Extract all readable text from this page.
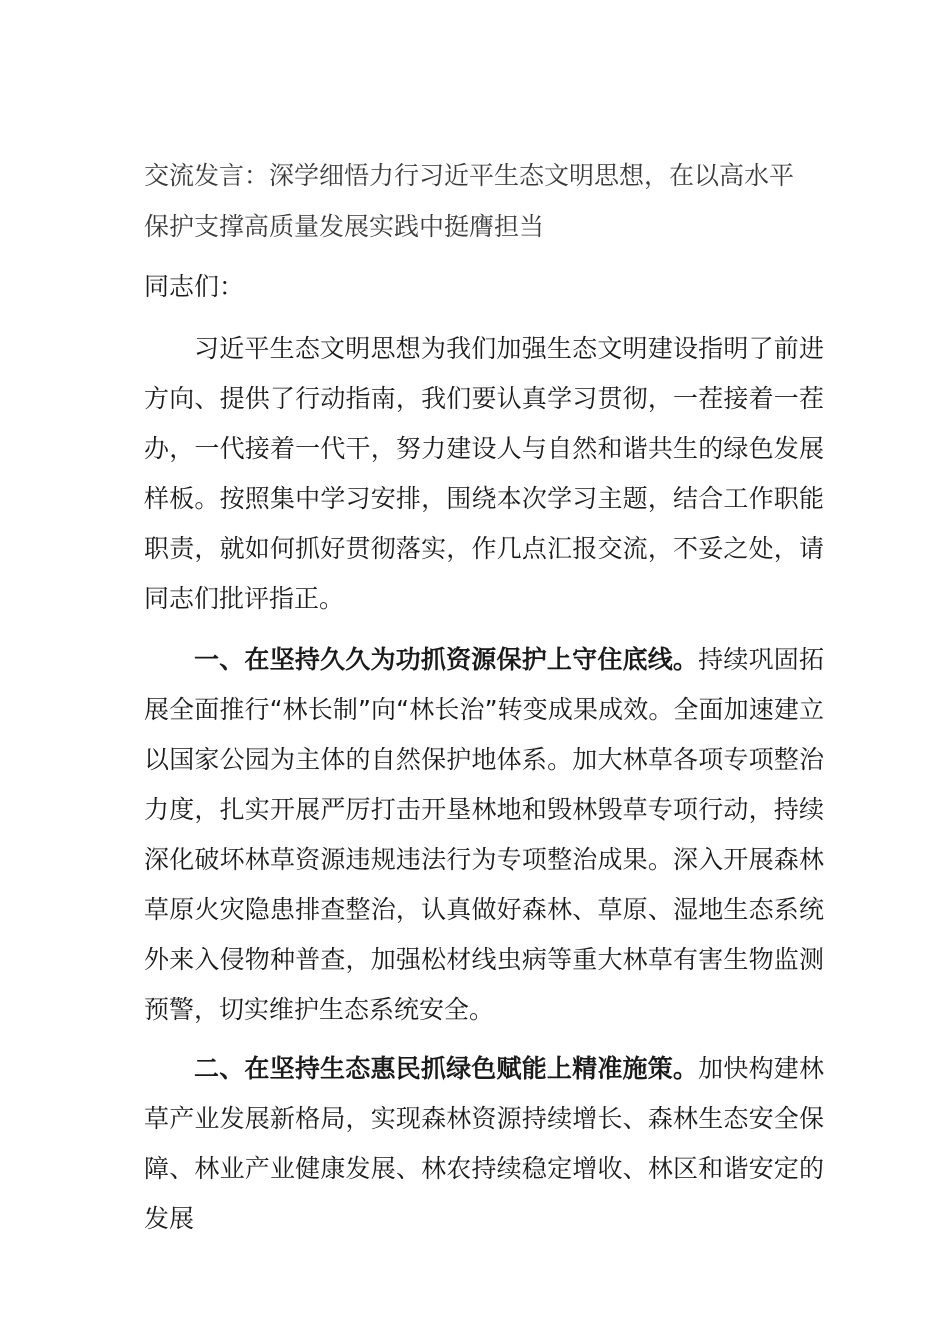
交流发言：深学细悟力行习近平生态文明思想，在以高水平保护支撑高质量发展实践中挺膺担当

同志们：

习近平生态文明思想为我们加强生态文明建设指明了前进方向、提供了行动指南，我们要认真学习贯彻，一茬接着一茬办，一代接着一代干，努力建设人与自然和谐共生的绿色发展样板。按照集中学习安排，围绕本次学习主题，结合工作职能职责，就如何抓好贯彻落实，作几点汇报交流，不妥之处，请同志们批评指正。

一、在坚持久久为功抓资源保护上守住底线。持续巩固拓展全面推行“林长制”向“林长治”转变成果成效。全面加速建立以国家公园为主体的自然保护地体系。加大林草各项专项整治力度，扎实开展严厉打击开垦林地和毁林毁草专项行动，持续深化破坏林草资源违规违法行为专项整治成果。深入开展森林草原火灾隐患排查整治，认真做好森林、草原、湿地生态系统外来入侵物种普查，加强松材线虫病等重大林草有害生物监测预警，切实维护生态系统安全。

二、在坚持生态惠民抓绿色赋能上精准施策。加快构建林草产业发展新格局，实现森林资源持续增长、森林生态安全保障、林业产业健康发展、林农持续稳定增收、林区和谐安定的发展
